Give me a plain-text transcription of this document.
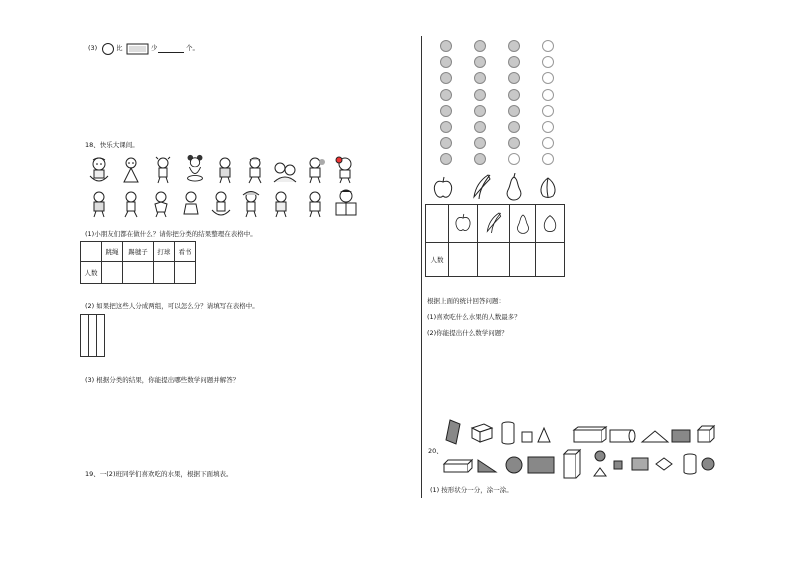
(3)	比	少	个。
18、快乐大课间。
(1)小朋友们都在做什么？请你把分类的结果整理在表格中。
	跳绳	踢毽子	打球	看书
人数				
(2) 如果把这些人分成两组，可以怎么分？请填写在表格中。

(3) 根据分类的结果，你能提出哪些数学问题并解答？
19、一(2)班同学们喜欢吃的水果，根据下面填表。

人数				
根据上面的统计回答问题：
(1)喜欢吃什么水果的人数最多？
(2)你能提出什么数学问题？
20、
(1) 按形状分一分，涂一涂。
